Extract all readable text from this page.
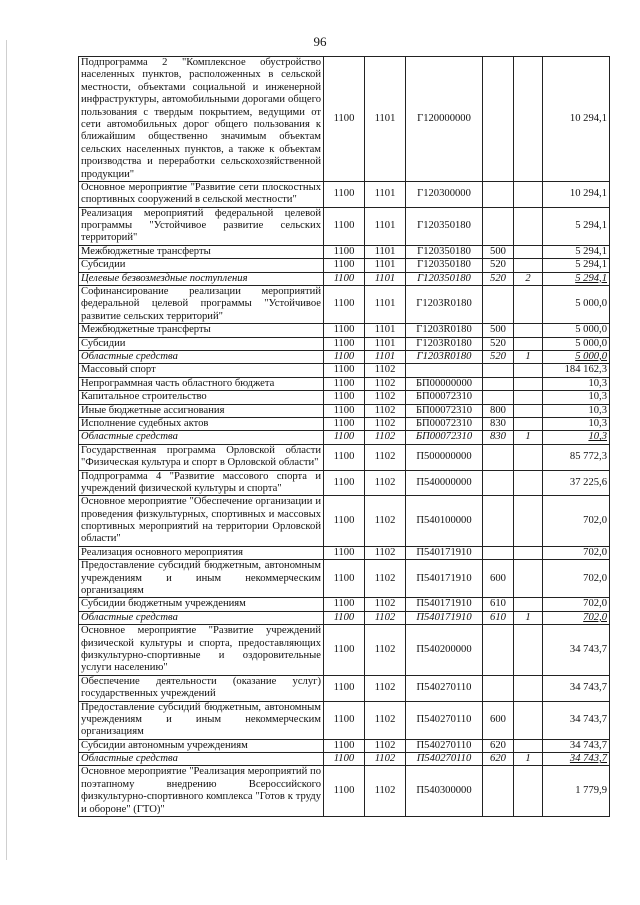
96
Подпрограмма 2 "Комплексное обустройство населенных пунктов, расположенных в сельской местности, объектами социальной и инженерной инфраструктуры, автомобильными дорогами общего пользования с твердым покрытием, ведущими от сети автомобильных дорог общего пользования к ближайшим общественно значимым объектам сельских населенных пунктов, а также к объектам производства и переработки сельскохозяйственной продукции"	1100	1101	Г120000000			10 294,1
Основное мероприятие "Развитие сети плоскостных спортивных сооружений в сельской местности"	1100	1101	Г120300000			10 294,1
Реализация мероприятий федеральной целевой программы "Устойчивое развитие сельских территорий"	1100	1101	Г120350180			5 294,1
Межбюджетные трансферты	1100	1101	Г120350180	500		5 294,1
Субсидии	1100	1101	Г120350180	520		5 294,1
Целевые безвозмездные поступления	1100	1101	Г120350180	520	2	5 294,1
Софинансирование реализации мероприятий федеральной целевой программы "Устойчивое развитие сельских территорий"	1100	1101	Г1203R0180			5 000,0
Межбюджетные трансферты	1100	1101	Г1203R0180	500		5 000,0
Субсидии	1100	1101	Г1203R0180	520		5 000,0
Областные средства	1100	1101	Г1203R0180	520	1	5 000,0
Массовый спорт	1100	1102				184 162,3
Непрограммная часть областного бюджета	1100	1102	БП00000000			10,3
Капитальное строительство	1100	1102	БП00072310			10,3
Иные бюджетные ассигнования	1100	1102	БП00072310	800		10,3
Исполнение судебных актов	1100	1102	БП00072310	830		10,3
Областные средства	1100	1102	БП00072310	830	1	10,3
Государственная программа Орловской области "Физическая культура и спорт в Орловской области"	1100	1102	П500000000			85 772,3
Подпрограмма 4 "Развитие массового спорта и учреждений физической культуры и спорта"	1100	1102	П540000000			37 225,6
Основное мероприятие "Обеспечение организации и проведения физкультурных, спортивных и массовых спортивных мероприятий на территории Орловской области"	1100	1102	П540100000			702,0
Реализация основного мероприятия	1100	1102	П540171910			702,0
Предоставление субсидий бюджетным, автономным учреждениям и иным некоммерческим организациям	1100	1102	П540171910	600		702,0
Субсидии бюджетным учреждениям	1100	1102	П540171910	610		702,0
Областные средства	1100	1102	П540171910	610	1	702,0
Основное мероприятие "Развитие учреждений физической культуры и спорта, предоставляющих физкультурно-спортивные и оздоровительные услуги населению"	1100	1102	П540200000			34 743,7
Обеспечение деятельности (оказание услуг) государственных учреждений	1100	1102	П540270110			34 743,7
Предоставление субсидий бюджетным, автономным учреждениям и иным некоммерческим организациям	1100	1102	П540270110	600		34 743,7
Субсидии автономным учреждениям	1100	1102	П540270110	620		34 743,7
Областные средства	1100	1102	П540270110	620	1	34 743,7
Основное мероприятие "Реализация мероприятий по поэтапному внедрению Всероссийского физкультурно-спортивного комплекса "Готов к труду и обороне" (ГТО)"	1100	1102	П540300000			1 779,9
